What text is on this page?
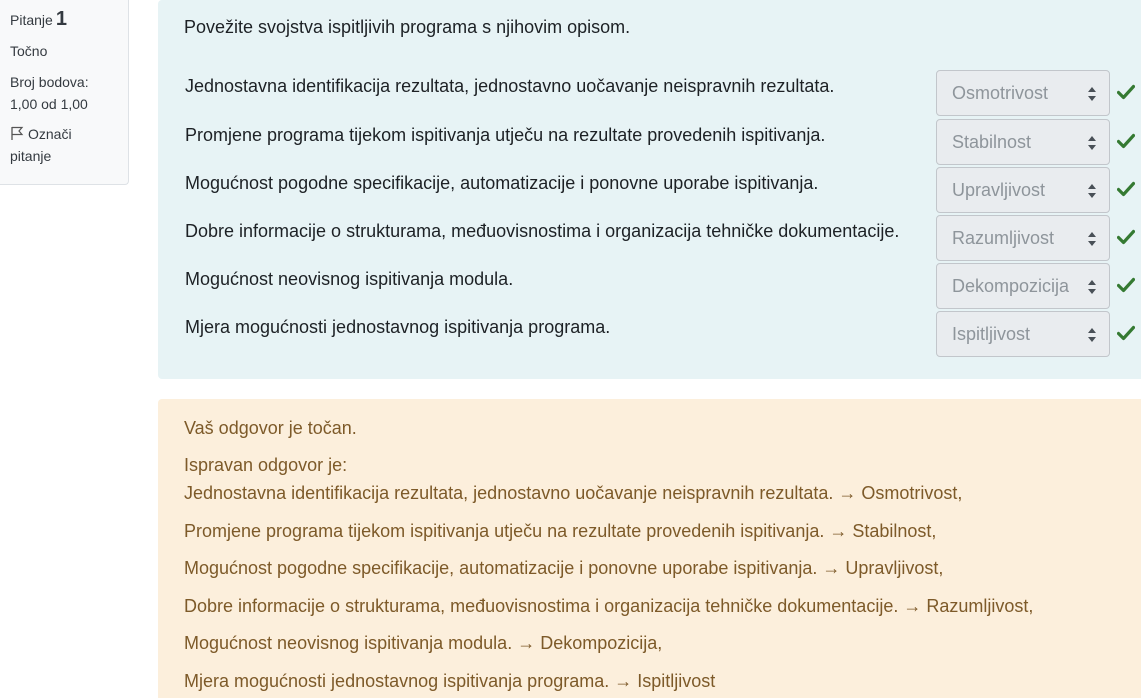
Pitanje 1
Točno
Broj bodova:
1,00 od 1,00
Označi
pitanje
Povežite svojstva ispitljivih programa s njihovim opisom.
Jednostavna identifikacija rezultata, jednostavno uočavanje neispravnih rezultata.	Osmotrivost
Promjene programa tijekom ispitivanja utječu na rezultate provedenih ispitivanja.	Stabilnost
Mogućnost pogodne specifikacije, automatizacije i ponovne uporabe ispitivanja.	Upravljivost
Dobre informacije o strukturama, međuovisnostima i organizacija tehničke dokumentacije.	Razumljivost
Mogućnost neovisnog ispitivanja modula.	Dekompozicija
Mjera mogućnosti jednostavnog ispitivanja programa.	Ispitljivost
Vaš odgovor je točan.
Ispravan odgovor je:
Jednostavna identifikacija rezultata, jednostavno uočavanje neispravnih rezultata. → Osmotrivost,
Promjene programa tijekom ispitivanja utječu na rezultate provedenih ispitivanja. → Stabilnost,
Mogućnost pogodne specifikacije, automatizacije i ponovne uporabe ispitivanja. → Upravljivost,
Dobre informacije o strukturama, međuovisnostima i organizacija tehničke dokumentacije. → Razumljivost,
Mogućnost neovisnog ispitivanja modula. → Dekompozicija,
Mjera mogućnosti jednostavnog ispitivanja programa. → Ispitljivost
